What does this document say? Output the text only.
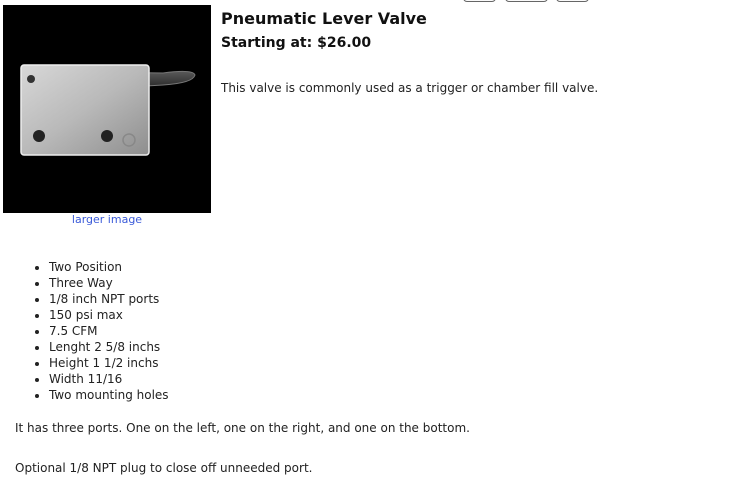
larger image
Pneumatic Lever Valve
Starting at: $26.00

This valve is commonly used as a trigger or chamber fill valve.

• Two Position
• Three Way
• 1/8 inch NPT ports
• 150 psi max
• 7.5 CFM
• Lenght 2 5/8 inchs
• Height 1 1/2 inchs
• Width 11/16
• Two mounting holes

It has three ports. One on the left, one on the right, and one on the bottom.

Optional 1/8 NPT plug to close off unneeded port.
